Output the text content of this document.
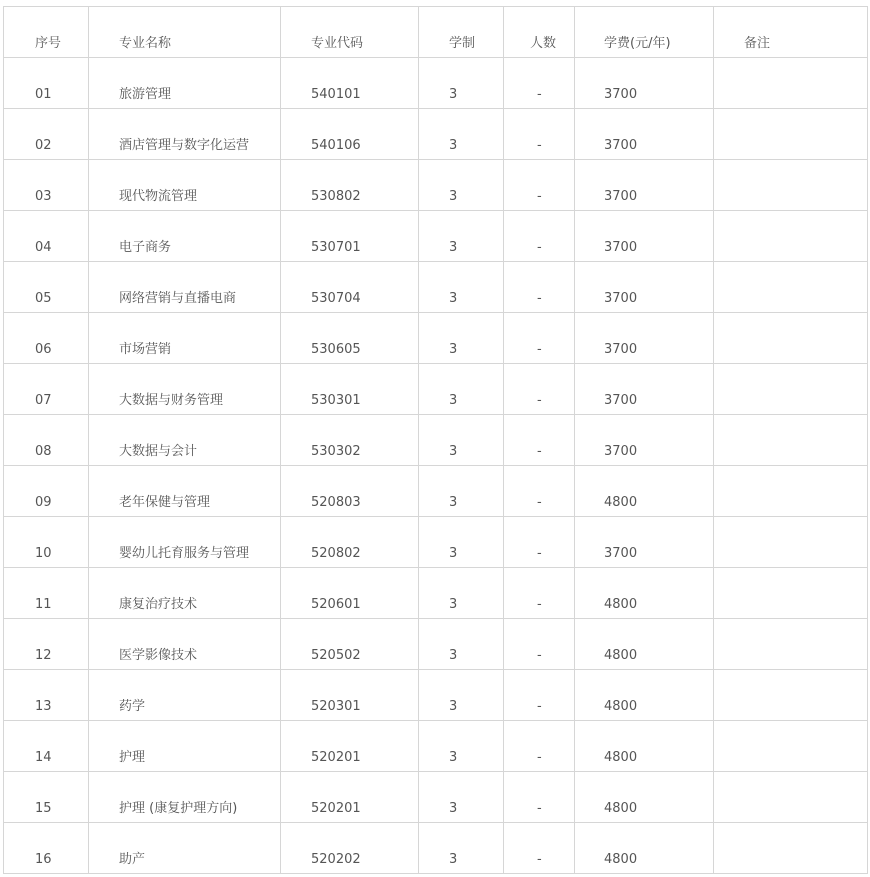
序号	专业名称	专业代码	学制	人数	学费(元/年)	备注

01	旅游管理	540101	3	-	3700	

02	酒店管理与数字化运营	540106	3	-	3700	

03	现代物流管理	530802	3	-	3700	

04	电子商务	530701	3	-	3700	

05	网络营销与直播电商	530704	3	-	3700	

06	市场营销	530605	3	-	3700	

07	大数据与财务管理	530301	3	-	3700	

08	大数据与会计	530302	3	-	3700	

09	老年保健与管理	520803	3	-	4800	

10	婴幼儿托育服务与管理	520802	3	-	3700	

11	康复治疗技术	520601	3	-	4800	

12	医学影像技术	520502	3	-	4800	

13	药学	520301	3	-	4800	

14	护理	520201	3	-	4800	

15	护理 (康复护理方向)	520201	3	-	4800	

16	助产	520202	3	-	4800	
